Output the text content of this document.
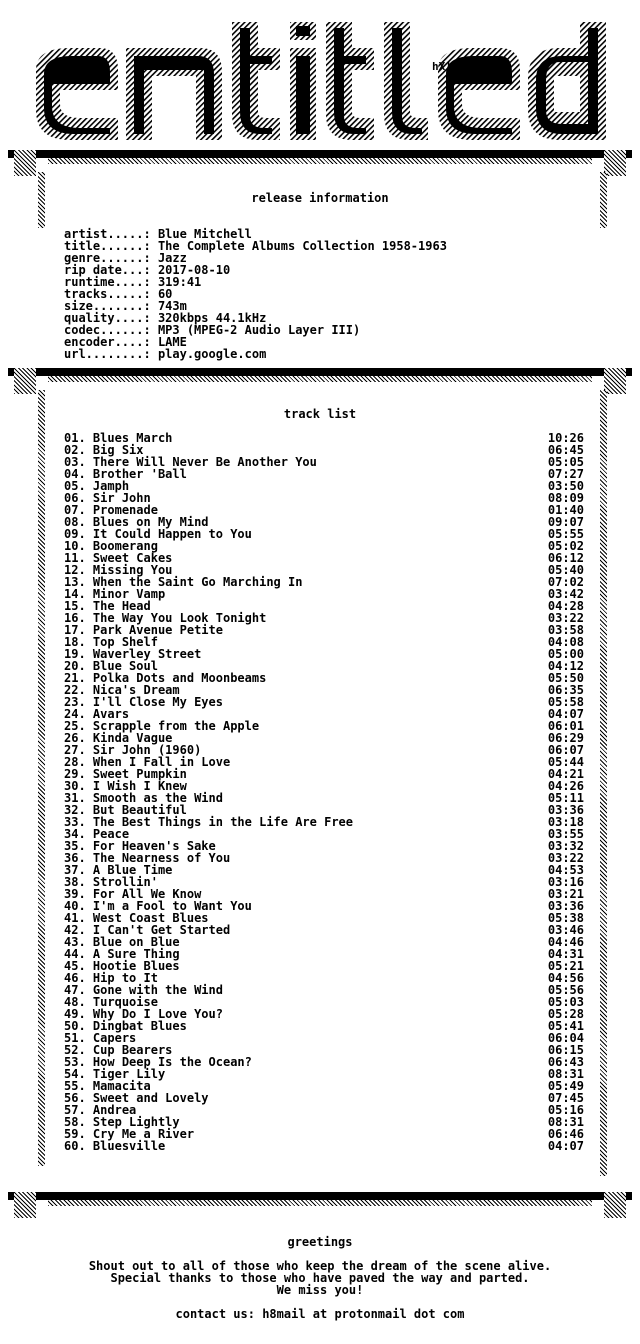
hX!
release information
artist.....: Blue Mitchell
title......: The Complete Albums Collection 1958-1963
genre......: Jazz
rip date...: 2017-08-10
runtime....: 319:41
tracks.....: 60
size.......: 743m
quality....: 320kbps 44.1kHz
codec......: MP3 (MPEG-2 Audio Layer III)
encoder....: LAME
url........: play.google.com
track list
01. Blues March	10:26
02. Big Six	06:45
03. There Will Never Be Another You	05:05
04. Brother 'Ball	07:27
05. Jamph	03:50
06. Sir John	08:09
07. Promenade	01:40
08. Blues on My Mind	09:07
09. It Could Happen to You	05:55
10. Boomerang	05:02
11. Sweet Cakes	06:12
12. Missing You	05:40
13. When the Saint Go Marching In	07:02
14. Minor Vamp	03:42
15. The Head	04:28
16. The Way You Look Tonight	03:22
17. Park Avenue Petite	03:58
18. Top Shelf	04:08
19. Waverley Street	05:00
20. Blue Soul	04:12
21. Polka Dots and Moonbeams	05:50
22. Nica's Dream	06:35
23. I'll Close My Eyes	05:58
24. Avars	04:07
25. Scrapple from the Apple	06:01
26. Kinda Vague	06:29
27. Sir John (1960)	06:07
28. When I Fall in Love	05:44
29. Sweet Pumpkin	04:21
30. I Wish I Knew	04:26
31. Smooth as the Wind	05:11
32. But Beautiful	03:36
33. The Best Things in the Life Are Free	03:18
34. Peace	03:55
35. For Heaven's Sake	03:32
36. The Nearness of You	03:22
37. A Blue Time	04:53
38. Strollin'	03:16
39. For All We Know	03:21
40. I'm a Fool to Want You	03:36
41. West Coast Blues	05:38
42. I Can't Get Started	03:46
43. Blue on Blue	04:46
44. A Sure Thing	04:31
45. Hootie Blues	05:21
46. Hip to It	04:56
47. Gone with the Wind	05:56
48. Turquoise	05:03
49. Why Do I Love You?	05:28
50. Dingbat Blues	05:41
51. Capers	06:04
52. Cup Bearers	06:15
53. How Deep Is the Ocean?	06:43
54. Tiger Lily	08:31
55. Mamacita	05:49
56. Sweet and Lovely	07:45
57. Andrea	05:16
58. Step Lightly	08:31
59. Cry Me a River	06:46
60. Bluesville	04:07
greetings
Shout out to all of those who keep the dream of the scene alive.
Special thanks to those who have paved the way and parted.
We miss you!
contact us: h8mail at protonmail dot com
